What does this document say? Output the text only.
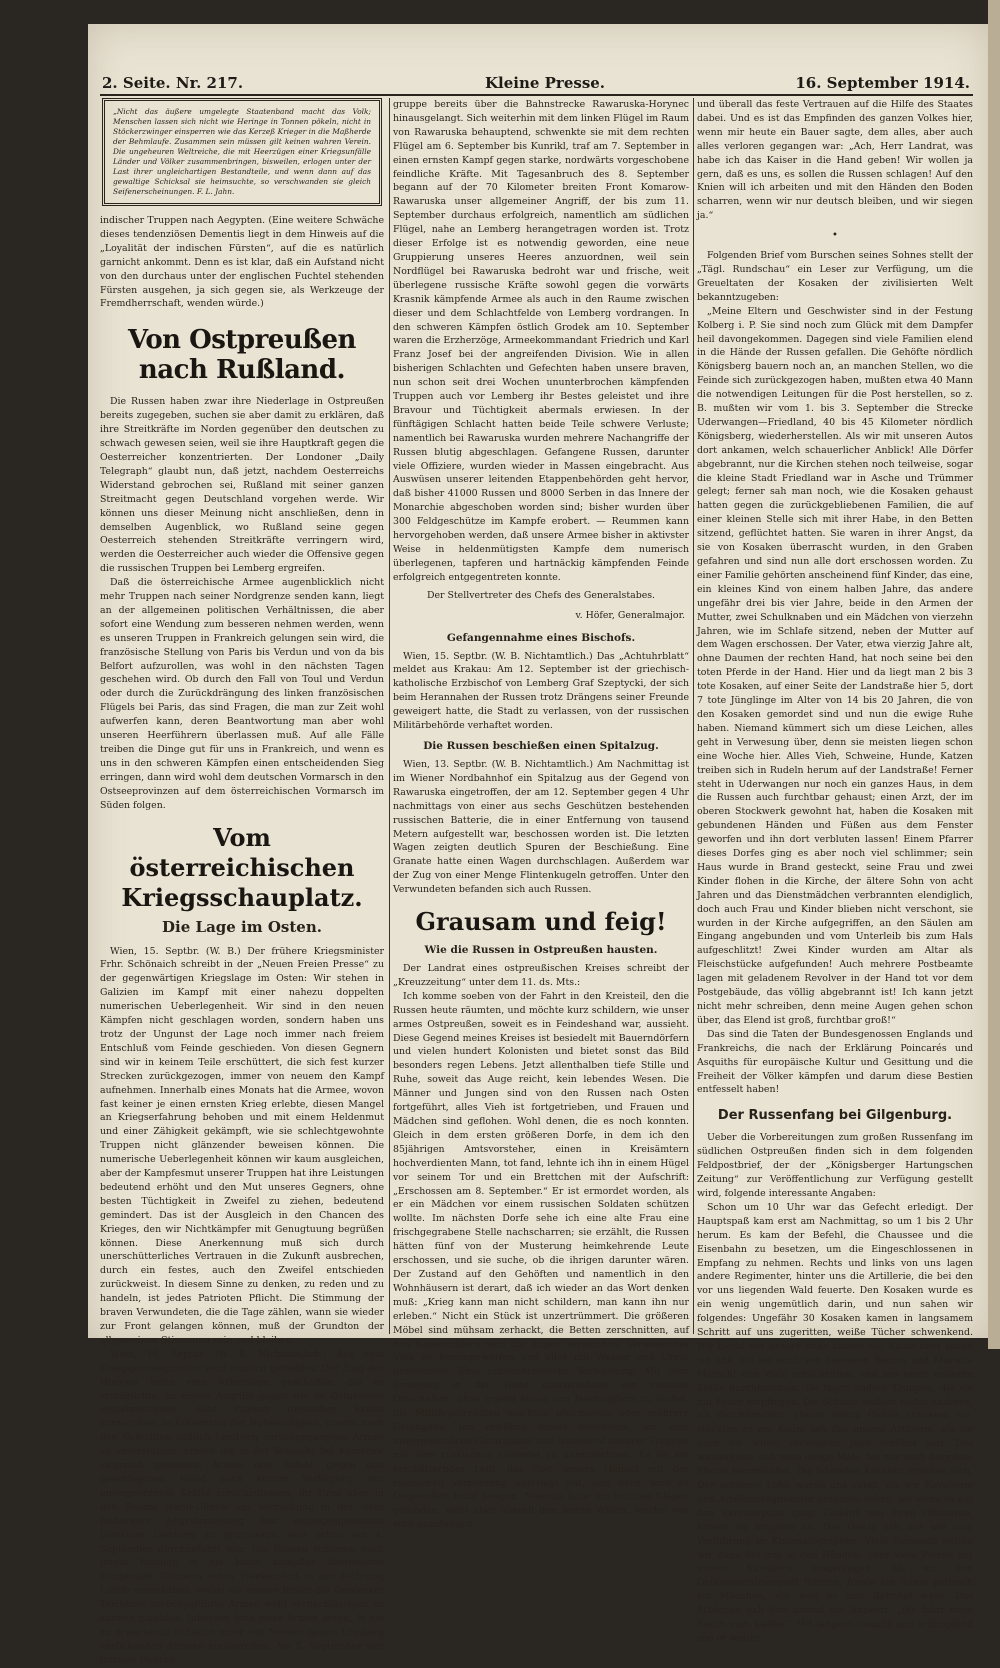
2. Seite. Nr. 217.	Kleine Presse.	16. September 1914.
„Nicht das äußere umgelegte Staatenband macht das Volk; Menschen lassen sich nicht wie Heringe in Tonnen pökeln, nicht in Stöckerzwinger einsperren wie das Kerzeß Krieger in die Maßherde der Behmlaufe. Zusammen sein müssen gilt keinen wahren Verein. Die ungeheuren Weltreiche, die mit Heerzügen einer Kriegsunfälle Länder und Völker zusammenbringen, bisweilen, erlogen unter der Last ihrer ungleichartigen Bestandteile, und wenn dann auf das gewaltige Schicksal sie heimsuchte, so verschwanden sie gleich Seifenerscheinungen. F. L. Jahn.

indischer Truppen nach Aegypten. (Eine weitere Schwäche dieses tendenziösen Dementis liegt in dem Hinweis auf die „Loyalität der indischen Fürsten“, auf die es natürlich garnicht ankommt. Denn es ist klar, daß ein Aufstand nicht von den durchaus unter der englischen Fuchtel stehenden Fürsten ausgehen, ja sich gegen sie, als Werkzeuge der Fremdherrschaft, wenden würde.)

Von Ostpreußen nach Rußland.

Die Russen haben zwar ihre Niederlage in Ostpreußen bereits zugegeben, suchen sie aber damit zu erklären, daß ihre Streitkräfte im Norden gegenüber den deutschen zu schwach gewesen seien, weil sie ihre Hauptkraft gegen die Oesterreicher konzentrierten. Der Londoner „Daily Telegraph“ glaubt nun, daß jetzt, nachdem Oesterreichs Widerstand gebrochen sei, Rußland mit seiner ganzen Streitmacht gegen Deutschland vorgehen werde. Wir können uns dieser Meinung nicht anschließen, denn in demselben Augenblick, wo Rußland seine gegen Oesterreich stehenden Streitkräfte verringern wird, werden die Oesterreicher auch wieder die Offensive gegen die russischen Truppen bei Lemberg ergreifen.

Daß die österreichische Armee augenblicklich nicht mehr Truppen nach seiner Nordgrenze senden kann, liegt an der allgemeinen politischen Verhältnissen, die aber sofort eine Wendung zum besseren nehmen werden, wenn es unseren Truppen in Frankreich gelungen sein wird, die französische Stellung von Paris bis Verdun und von da bis Belfort aufzurollen, was wohl in den nächsten Tagen geschehen wird. Ob durch den Fall von Toul und Verdun oder durch die Zurückdrängung des linken französischen Flügels bei Paris, das sind Fragen, die man zur Zeit wohl aufwerfen kann, deren Beantwortung man aber wohl unseren Heerführern überlassen muß. Auf alle Fälle treiben die Dinge gut für uns in Frankreich, und wenn es uns in den schweren Kämpfen einen entscheidenden Sieg erringen, dann wird wohl dem deutschen Vormarsch in den Ostseeprovinzen auf dem österreichischen Vormarsch im Süden folgen.

Vom österreichischen Kriegsschauplatz.
Die Lage im Osten.

Wien, 15. Septbr. (W. B.) Der frühere Kriegsminister Frhr. Schönaich schreibt in der „Neuen Freien Presse“ zu der gegenwärtigen Kriegslage im Osten: Wir stehen in Galizien im Kampf mit einer nahezu doppelten numerischen Ueberlegenheit. Wir sind in den neuen Kämpfen nicht geschlagen worden, sondern haben uns trotz der Ungunst der Lage noch immer nach freiem Entschluß vom Feinde geschieden. Von diesen Gegnern sind wir in keinem Teile erschüttert, die sich fest kurzer Strecken zurückgezogen, immer von neuem den Kampf aufnehmen. Innerhalb eines Monats hat die Armee, wovon fast keiner je einen ernsten Krieg erlebte, diesen Mangel an Kriegserfahrung behoben und mit einem Heldenmut und einer Zähigkeit gekämpft, wie sie schlechtgewohnte Truppen nicht glänzender beweisen können. Die numerische Ueberlegenheit können wir kaum ausgleichen, aber der Kampfesmut unserer Truppen hat ihre Leistungen bedeutend erhöht und den Mut unseres Gegners, ohne besten Tüchtigkeit in Zweifel zu ziehen, bedeutend gemindert. Das ist der Ausgleich in den Chancen des Krieges, den wir Nichtkämpfer mit Genugtuung begrüßen können. Diese Anerkennung muß sich durch unerschütterliches Vertrauen in die Zukunft ausbrechen, durch ein festes, auch den Zweifel entschieden zurückweist. In diesem Sinne zu denken, zu reden und zu handeln, ist jedes Patrioten Pflicht. Die Stimmung der braven Verwundeten, die die Tage zählen, wann sie wieder zur Front gelangen können, muß der Grundton der allgemeinen Stimmung sein und bleiben.

Wien, 16. Septbr. (W. B. Nichtamtlich.) Aus dem Kriegspressequartier wird amtlich gemeldet: Der Sieg der Hucywa hatte eine Kriegslage geschaffen, die es ermöglichte, zu einem Angriffe gegen die im Ostgalizien eingebrochenen, sehr starken russischen Kräfte vorzugehen. In Erkenntnis der Notwendigkeit, unsere nach den Gefechten südlich Lemberg zurückgegangene Armee zu unterstützen, erhielt die in der Schlacht bei Komarow siegreich gewesene Armee den Befehl, gegen den geschlagenen Feind nach kurzer Verfolgung nur untergeordnete Kräfte zurückzulassen, ihr Gros aber in den Raume Narol-Uhnow zur Vorrückung in der ihrer bisherigen Angriffsrichtung fast entgegengesetzten Direktion Lemberg zu gruppieren, was schon am 4. September durchgeführt war. Die Russen schienen nach ihrem Einzuge in die kaum kampflos überlassene Hauptstadt Galiziens einen Flankenstoß in der Richtung Lublin vorzuhaben, wobei sie unsere hinter die Grodecker Teichlinie zurückgeführte Armee wohl vernachlässigen zu können glaubten. Inbessen fand diese Armee bereit, in die zu erwartende Schlacht einer von Norden gegen Lemberg anrückenden Armeen einzugreifen. Am 5. September war letztere Heeres-

gruppe bereits über die Bahnstrecke Rawaruska-Horynec hinausgelangt. Sich weiterhin mit dem linken Flügel im Raum von Rawaruska behauptend, schwenkte sie mit dem rechten Flügel am 6. September bis Kunrikl, traf am 7. September in einen ernsten Kampf gegen starke, nordwärts vorgeschobene feindliche Kräfte. Mit Tagesanbruch des 8. September begann auf der 70 Kilometer breiten Front Komarow-Rawaruska unser allgemeiner Angriff, der bis zum 11. September durchaus erfolgreich, namentlich am südlichen Flügel, nahe an Lemberg herangetragen worden ist. Trotz dieser Erfolge ist es notwendig geworden, eine neue Gruppierung unseres Heeres anzuordnen, weil sein Nordflügel bei Rawaruska bedroht war und frische, weit überlegene russische Kräfte sowohl gegen die vorwärts Krasnik kämpfende Armee als auch in den Raume zwischen dieser und dem Schlachtfelde von Lemberg vordrangen. In den schweren Kämpfen östlich Grodek am 10. September waren die Erzherzöge, Armeekommandant Friedrich und Karl Franz Josef bei der angreifenden Division. Wie in allen bisherigen Schlachten und Gefechten haben unsere braven, nun schon seit drei Wochen ununterbrochen kämpfenden Truppen auch vor Lemberg ihr Bestes geleistet und ihre Bravour und Tüchtigkeit abermals erwiesen. In der fünftägigen Schlacht hatten beide Teile schwere Verluste; namentlich bei Rawaruska wurden mehrere Nachangriffe der Russen blutig abgeschlagen. Gefangene Russen, darunter viele Offiziere, wurden wieder in Massen eingebracht. Aus Auswüsen unserer leitenden Etappenbehörden geht hervor, daß bisher 41000 Russen und 8000 Serben in das Innere der Monarchie abgeschoben worden sind; bisher wurden über 300 Feldgeschütze im Kampfe erobert. — Reummen kann hervorgehoben werden, daß unsere Armee bisher in aktivster Weise in heldenmütigsten Kampfe dem numerisch überlegenen, tapferen und hartnäckig kämpfenden Feinde erfolgreich entgegentreten konnte.

Der Stellvertreter des Chefs des Generalstabes.
v. Höfer, Generalmajor.
Gefangennahme eines Bischofs.

Wien, 15. Septbr. (W. B. Nichtamtlich.) Das „Achtuhrblatt“ meldet aus Krakau: Am 12. September ist der griechisch-katholische Erzbischof von Lemberg Graf Szeptycki, der sich beim Herannahen der Russen trotz Drängens seiner Freunde geweigert hatte, die Stadt zu verlassen, von der russischen Militärbehörde verhaftet worden.

Die Russen beschießen einen Spitalzug.

Wien, 13. Septbr. (W. B. Nichtamtlich.) Am Nachmittag ist im Wiener Nordbahnhof ein Spitalzug aus der Gegend von Rawaruska eingetroffen, der am 12. September gegen 4 Uhr nachmittags von einer aus sechs Geschützen bestehenden russischen Batterie, die in einer Entfernung von tausend Metern aufgestellt war, beschossen worden ist. Die letzten Wagen zeigten deutlich Spuren der Beschießung. Eine Granate hatte einen Wagen durchschlagen. Außerdem war der Zug von einer Menge Flintenkugeln getroffen. Unter den Verwundeten befanden sich auch Russen.

Grausam und feig!
Wie die Russen in Ostpreußen hausten.

Der Landrat eines ostpreußischen Kreises schreibt der „Kreuzzeitung“ unter dem 11. ds. Mts.:

Ich komme soeben von der Fahrt in den Kreisteil, den die Russen heute räumten, und möchte kurz schildern, wie unser armes Ostpreußen, soweit es in Feindeshand war, aussieht. Diese Gegend meines Kreises ist besiedelt mit Bauerndörfern und vielen hundert Kolonisten und bietet sonst das Bild besonders regen Lebens. Jetzt allenthalben tiefe Stille und Ruhe, soweit das Auge reicht, kein lebendes Wesen. Die Männer und Jungen sind von den Russen nach Osten fortgeführt, alles Vieh ist fortgetrieben, und Frauen und Mädchen sind geflohen. Wohl denen, die es noch konnten. Gleich in dem ersten größeren Dorfe, in dem ich den 85jährigen Amtsvorsteher, einen in Kreisämtern hochverdienten Mann, tot fand, lehnte ich ihn in einem Hügel vor seinem Tor und ein Brettchen mit der Aufschrift: „Erschossen am 8. September.“ Er ist ermordet worden, als er ein Mädchen vor einem russischen Soldaten schützen wollte. Im nächsten Dorfe sehe ich eine alte Frau eine frischgegrabene Stelle nachscharren; sie erzählt, die Russen hätten fünf von der Musterung heimkehrende Leute erschossen, und sie suche, ob die ihrigen darunter wären. Der Zustand auf den Gehöften und namentlich in den Wohnhäusern ist derart, daß ich wieder an das Wort denken muß: „Krieg kann man nicht schildern, man kann ihn nur erleben.“ Nicht ein Stück ist unzertrümmert. Die größeren Möbel sind mühsam zerhackt, die Betten zerschnitten, auf den Kaiserbildern sind die Augen zerstochen. Verwesendes Vieh ist hereingeworfen und alles mit Wasser und Unrat geschändet. Eine unbeschreibliche Verwüstung. Mit dem Browning in der Hand durchsuchten wir einzelne Ortschaften, ohne irgend etwas von Nachzüglern zu finden, die Militärpatrouillen machten gleichzeitig oder mehrere Gefangene. Ich erwähne dieses besonders, um eine unvergleichliche Gutartigkeit und Nachsicht unserer Truppen mit dem russischen Gesindel zu kennzeichnen. Es ist ein erschütterndes Leid, das Gott unsere Heimat mit der russischen Verheerung auferlegt hat, und doch wird es Ostpreußen nicht beugen. Niemals habe ich haltlose Klagen gefunden, wohl aber überall den festen Willen, wieder von vorn anzufangen

und überall das feste Vertrauen auf die Hilfe des Staates dabei. Und es ist das Empfinden des ganzen Volkes hier, wenn mir heute ein Bauer sagte, dem alles, aber auch alles verloren gegangen war: „Ach, Herr Landrat, was habe ich das Kaiser in die Hand geben! Wir wollen ja gern, daß es uns, es sollen die Russen schlagen! Auf den Knien will ich arbeiten und mit den Händen den Boden scharren, wenn wir nur deutsch bleiben, und wir siegen ja.“

•

Folgenden Brief vom Burschen seines Sohnes stellt der „Tägl. Rundschau“ ein Leser zur Verfügung, um die Greueltaten der Kosaken der zivilisierten Welt bekanntzugeben:

„Meine Eltern und Geschwister sind in der Festung Kolberg i. P. Sie sind noch zum Glück mit dem Dampfer heil davongekommen. Dagegen sind viele Familien elend in die Hände der Russen gefallen. Die Gehöfte nördlich Königsberg bauern noch an, an manchen Stellen, wo die Feinde sich zurückgezogen haben, mußten etwa 40 Mann die notwendigen Leitungen für die Post herstellen, so z. B. mußten wir vom 1. bis 3. September die Strecke Uderwangen—Friedland, 40 bis 45 Kilometer nördlich Königsberg, wiederherstellen. Als wir mit unseren Autos dort ankamen, welch schauerlicher Anblick! Alle Dörfer abgebrannt, nur die Kirchen stehen noch teilweise, sogar die kleine Stadt Friedland war in Asche und Trümmer gelegt; ferner sah man noch, wie die Kosaken gehaust hatten gegen die zurückgebliebenen Familien, die auf einer kleinen Stelle sich mit ihrer Habe, in den Betten sitzend, geflüchtet hatten. Sie waren in ihrer Angst, da sie von Kosaken überrascht wurden, in den Graben gefahren und sind nun alle dort erschossen worden. Zu einer Familie gehörten anscheinend fünf Kinder, das eine, ein kleines Kind von einem halben Jahre, das andere ungefähr drei bis vier Jahre, beide in den Armen der Mutter, zwei Schulknaben und ein Mädchen von vierzehn Jahren, wie im Schlafe sitzend, neben der Mutter auf dem Wagen erschossen. Der Vater, etwa vierzig Jahre alt, ohne Daumen der rechten Hand, hat noch seine bei den toten Pferde in der Hand. Hier und da liegt man 2 bis 3 tote Kosaken, auf einer Seite der Landstraße hier 5, dort 7 tote Jünglinge im Alter von 14 bis 20 Jahren, die von den Kosaken gemordet sind und nun die ewige Ruhe haben. Niemand kümmert sich um diese Leichen, alles geht in Verwesung über, denn sie meisten liegen schon eine Woche hier. Alles Vieh, Schweine, Hunde, Katzen treiben sich in Rudeln herum auf der Landstraße! Ferner steht in Uderwangen nur noch ein ganzes Haus, in dem die Russen auch furchtbar gehaust; einen Arzt, der im oberen Stockwerk gewohnt hat, haben die Kosaken mit gebundenen Händen und Füßen aus dem Fenster geworfen und ihn dort verbluten lassen! Einem Pfarrer dieses Dorfes ging es aber noch viel schlimmer; sein Haus wurde in Brand gesteckt, seine Frau und zwei Kinder flohen in die Kirche, der ältere Sohn von acht Jahren und das Dienstmädchen verbrannten elendiglich, doch auch Frau und Kinder blieben nicht verschont, sie wurden in der Kirche aufgegriffen, an den Säulen am Eingang angebunden und vom Unterleib bis zum Hals aufgeschlitzt! Zwei Kinder wurden am Altar als Fleischstücke aufgefunden! Auch mehrere Postbeamte lagen mit geladenem Revolver in der Hand tot vor dem Postgebäude, das völlig abgebrannt ist! Ich kann jetzt nicht mehr schreiben, denn meine Augen gehen schon über, das Elend ist groß, furchtbar groß!“

Das sind die Taten der Bundesgenossen Englands und Frankreichs, die nach der Erklärung Poincarés und Asquiths für europäische Kultur und Gesittung und die Freiheit der Völker kämpfen und darum diese Bestien entfesselt haben!

Der Russenfang bei Gilgenburg.

Ueber die Vorbereitungen zum großen Russenfang im südlichen Ostpreußen finden sich in dem folgenden Feldpostbrief, der der „Königsberger Hartungschen Zeitung“ zur Veröffentlichung zur Verfügung gestellt wird, folgende interessante Angaben:

Schon um 10 Uhr war das Gefecht erledigt. Der Hauptspaß kam erst am Nachmittag, so um 1 bis 2 Uhr herum. Es kam der Befehl, die Chaussee und die Eisenbahn zu besetzen, um die Eingeschlossenen in Empfang zu nehmen. Rechts und links von uns lagen andere Regimenter, hinter uns die Artillerie, die bei den vor uns liegenden Wald feuerte. Den Kosaken wurde es ein wenig ungemütlich darin, und nun sahen wir folgendes: Ungefähr 30 Kosaken kamen in langsamem Schritt auf uns zugeritten, weiße Tücher schwenkend. Wir bleibt der unsere linke kamen sie. Kaum aber sahen sie uns, als sie auch wie besessen Rechts und Marsch-Marsch! den Wald zurückritten, und aus einer anderen Stelle durchkommen. Da lagen andere Truppen, die sie mit Feuer empfingen. Die Schufte wollten nichts anderes, als durchbrechen. Hinter einem Gehöft schossen sie, steckten es an. Kaum sah das unsere Artillerie, als sie auch die wilde, verwegene Jagd vorüber war. Das wiederholte sich noch einige Male, bis nur noch harmlose Pferde herumliefen. Die lebenden Kosaken ergaben sich. Der schönste Lohn wurde uns zuteil, als wir Kavallerie und Artillerieregimenter anfahren sahen, als wenn es auf den Exerzierplatz ging. Geführt von ihren Offizieren, kamen sie langsam an. Das Ganze sah aus wie eine Vorführung im Kinematographen. Viele Tausende hatten wir dann bei uns in den Händen. Sehr viele Pferde hat unsere Kavallerie eingefangen. Als wir den Gefangenentransport führten, fragte ein Russe polnisch ein Mädchen, wie weit es zum Bahnhof wäre. Das Mädchen gab ihm darauf zur Antwort: „Ihr fahrt nach Berlin zum Kaffee.“ Mit langem Gesicht und schimpfend zog er weiter.
